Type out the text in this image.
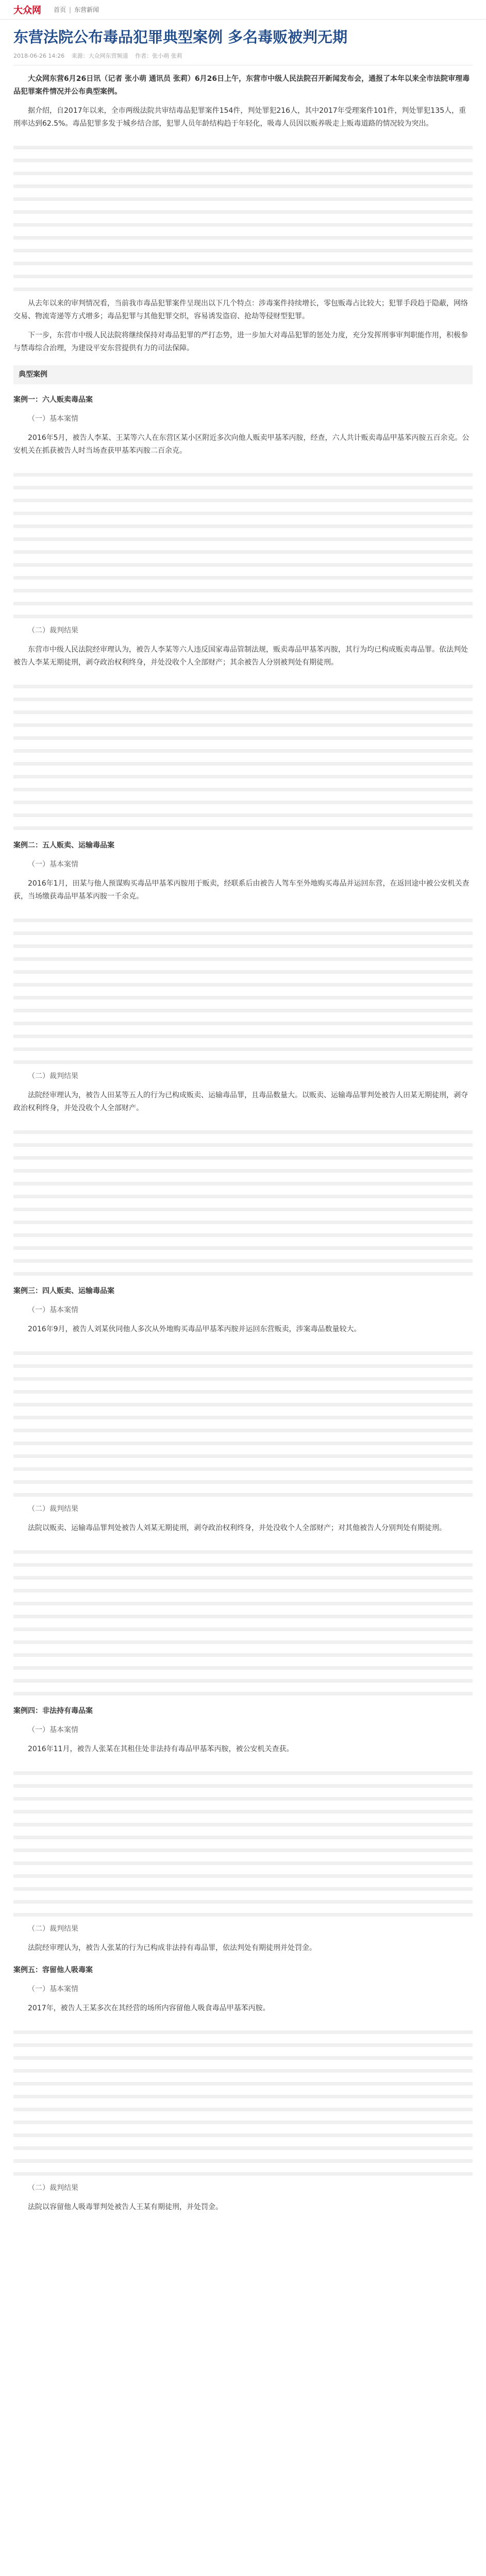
大众网 首页 | 东营新闻
东营法院公布毒品犯罪典型案例 多名毒贩被判无期
2018-06-26 14:26 来源：大众网东营频道 作者：张小萌 张莉

大众网东营6月26日讯（记者 张小萌 通讯员 张莉）6月26日上午，东营市中级人民法院召开新闻发布会，通报了本年以来全市法院审理毒品犯罪案件情况并公布典型案例。

据介绍，自2017年以来，全市两级法院共审结毒品犯罪案件154件，判处罪犯216人，其中2017年受理案件101件，判处罪犯135人，重刑率达到62.5%。毒品犯罪多发于城乡结合部，犯罪人员年龄结构趋于年轻化，吸毒人员因以贩养吸走上贩毒道路的情况较为突出。

从去年以来的审判情况看，当前我市毒品犯罪案件呈现出以下几个特点：涉毒案件持续增长，零包贩毒占比较大；犯罪手段趋于隐蔽，网络交易、物流寄递等方式增多；毒品犯罪与其他犯罪交织，容易诱发盗窃、抢劫等侵财型犯罪。

下一步，东营市中级人民法院将继续保持对毒品犯罪的严打态势，进一步加大对毒品犯罪的惩处力度，充分发挥刑事审判职能作用，积极参与禁毒综合治理，为建设平安东营提供有力的司法保障。

典型案例

案例一：六人贩卖毒品案

（一）基本案情

2016年5月，被告人李某、王某等六人在东营区某小区附近多次向他人贩卖甲基苯丙胺，经查，六人共计贩卖毒品甲基苯丙胺五百余克。公安机关在抓获被告人时当场查获甲基苯丙胺二百余克。

（二）裁判结果

东营市中级人民法院经审理认为，被告人李某等六人违反国家毒品管制法规，贩卖毒品甲基苯丙胺，其行为均已构成贩卖毒品罪。依法判处被告人李某无期徒刑，剥夺政治权利终身，并处没收个人全部财产；其余被告人分别被判处有期徒刑。

案例二：五人贩卖、运输毒品案

（一）基本案情

2016年1月，田某与他人预谋购买毒品甲基苯丙胺用于贩卖，经联系后由被告人驾车至外地购买毒品并运回东营，在返回途中被公安机关查获，当场缴获毒品甲基苯丙胺一千余克。

（二）裁判结果

法院经审理认为，被告人田某等五人的行为已构成贩卖、运输毒品罪，且毒品数量大。以贩卖、运输毒品罪判处被告人田某无期徒刑，剥夺政治权利终身，并处没收个人全部财产。

案例三：四人贩卖、运输毒品案

（一）基本案情

2016年9月，被告人刘某伙同他人多次从外地购买毒品甲基苯丙胺并运回东营贩卖，涉案毒品数量较大。

（二）裁判结果

法院以贩卖、运输毒品罪判处被告人刘某无期徒刑，剥夺政治权利终身，并处没收个人全部财产；对其他被告人分别判处有期徒刑。

案例四：非法持有毒品案

（一）基本案情

2016年11月，被告人张某在其租住处非法持有毒品甲基苯丙胺，被公安机关查获。

（二）裁判结果

法院经审理认为，被告人张某的行为已构成非法持有毒品罪，依法判处有期徒刑并处罚金。

案例五：容留他人吸毒案

（一）基本案情

2017年，被告人王某多次在其经营的场所内容留他人吸食毒品甲基苯丙胺。

（二）裁判结果

法院以容留他人吸毒罪判处被告人王某有期徒刑，并处罚金。
